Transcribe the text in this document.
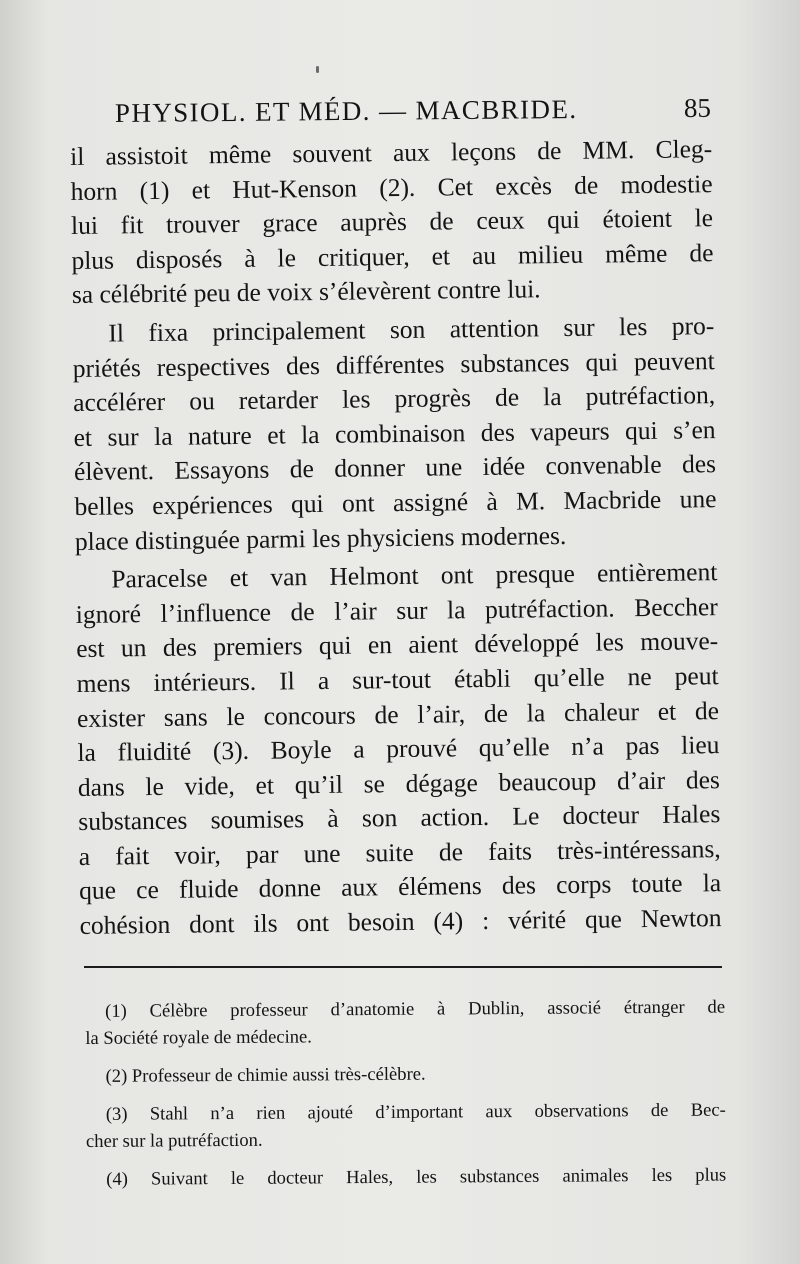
PHYSIOL. ET MÉD. — MACBRIDE.	85
il assistoit même souvent aux leçons de MM. Cleg-
horn (1) et Hut-Kenson (2). Cet excès de modestie
lui fit trouver grace auprès de ceux qui étoient le
plus disposés à le critiquer, et au milieu même de
sa célébrité peu de voix s’élevèrent contre lui.
Il fixa principalement son attention sur les pro-
priétés respectives des différentes substances qui peuvent
accélérer ou retarder les progrès de la putréfaction,
et sur la nature et la combinaison des vapeurs qui s’en
élèvent. Essayons de donner une idée convenable des
belles expériences qui ont assigné à M. Macbride une
place distinguée parmi les physiciens modernes.
Paracelse et van Helmont ont presque entièrement
ignoré l’influence de l’air sur la putréfaction. Beccher
est un des premiers qui en aient développé les mouve-
mens intérieurs. Il a sur-tout établi qu’elle ne peut
exister sans le concours de l’air, de la chaleur et de
la fluidité (3). Boyle a prouvé qu’elle n’a pas lieu
dans le vide, et qu’il se dégage beaucoup d’air des
substances soumises à son action. Le docteur Hales
a fait voir, par une suite de faits très-intéressans,
que ce fluide donne aux élémens des corps toute la
cohésion dont ils ont besoin (4) : vérité que Newton
(1) Célèbre professeur d’anatomie à Dublin, associé étranger de
la Société royale de médecine.
(2) Professeur de chimie aussi très-célèbre.
(3) Stahl n’a rien ajouté d’important aux observations de Bec-
cher sur la putréfaction.
(4) Suivant le docteur Hales, les substances animales les plus
